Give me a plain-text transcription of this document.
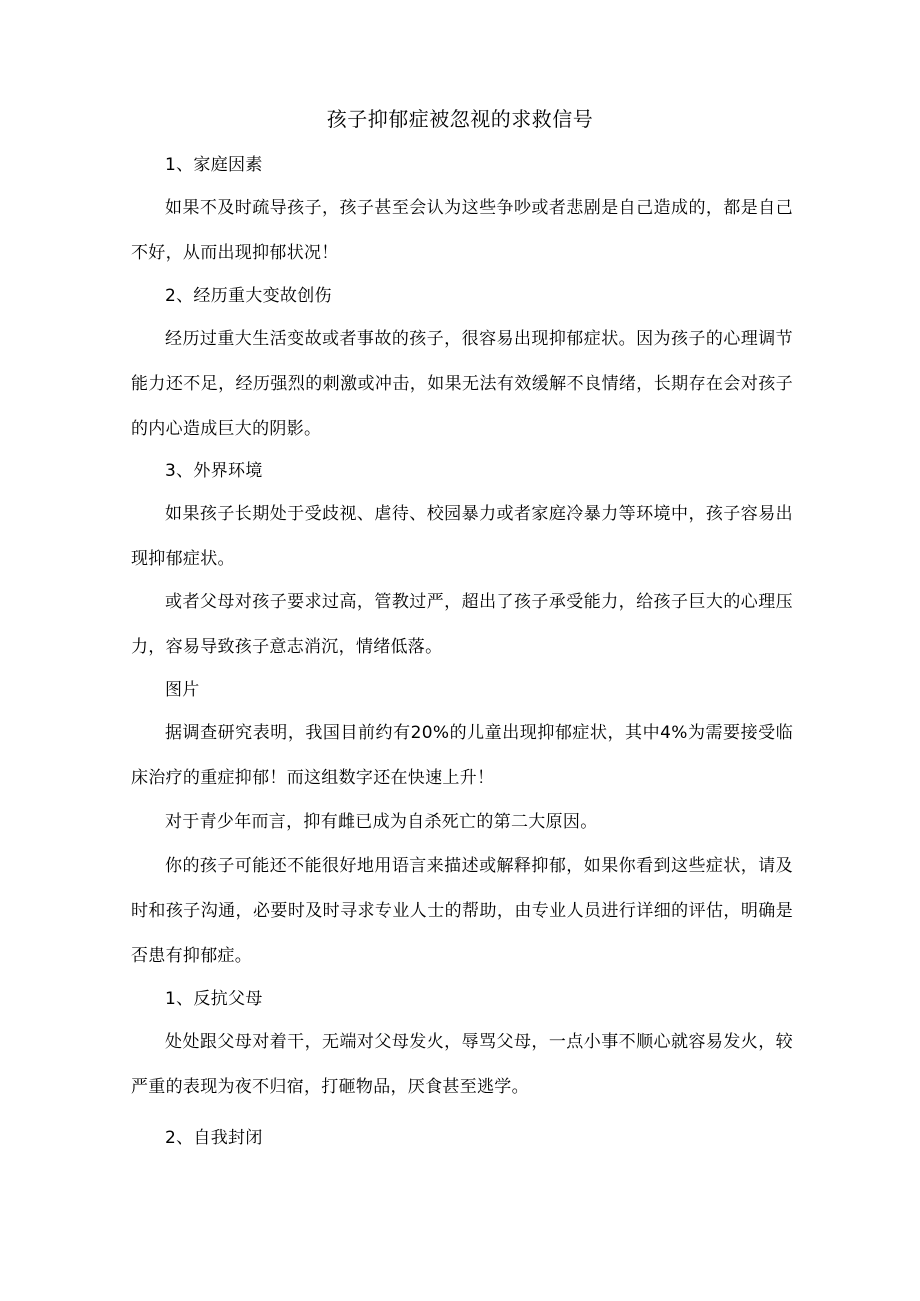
孩子抑郁症被忽视的求救信号
1、家庭因素

如果不及时疏导孩子，孩子甚至会认为这些争吵或者悲剧是自己造成的，都是自己不好，从而出现抑郁状况！

2、经历重大变故创伤

经历过重大生活变故或者事故的孩子，很容易出现抑郁症状。因为孩子的心理调节能力还不足，经历强烈的刺激或冲击，如果无法有效缓解不良情绪，长期存在会对孩子的内心造成巨大的阴影。

3、外界环境

如果孩子长期处于受歧视、虐待、校园暴力或者家庭冷暴力等环境中，孩子容易出现抑郁症状。

或者父母对孩子要求过高，管教过严，超出了孩子承受能力，给孩子巨大的心理压力，容易导致孩子意志消沉，情绪低落。

图片

据调查研究表明，我国目前约有20%的儿童出现抑郁症状，其中4%为需要接受临床治疗的重症抑郁！而这组数字还在快速上升！

对于青少年而言，抑有雌已成为自杀死亡的第二大原因。

你的孩子可能还不能很好地用语言来描述或解释抑郁，如果你看到这些症状，请及时和孩子沟通，必要时及时寻求专业人士的帮助，由专业人员进行详细的评估，明确是否患有抑郁症。

1、反抗父母

处处跟父母对着干，无端对父母发火，辱骂父母，一点小事不顺心就容易发火，较严重的表现为夜不归宿，打砸物品，厌食甚至逃学。

2、自我封闭
